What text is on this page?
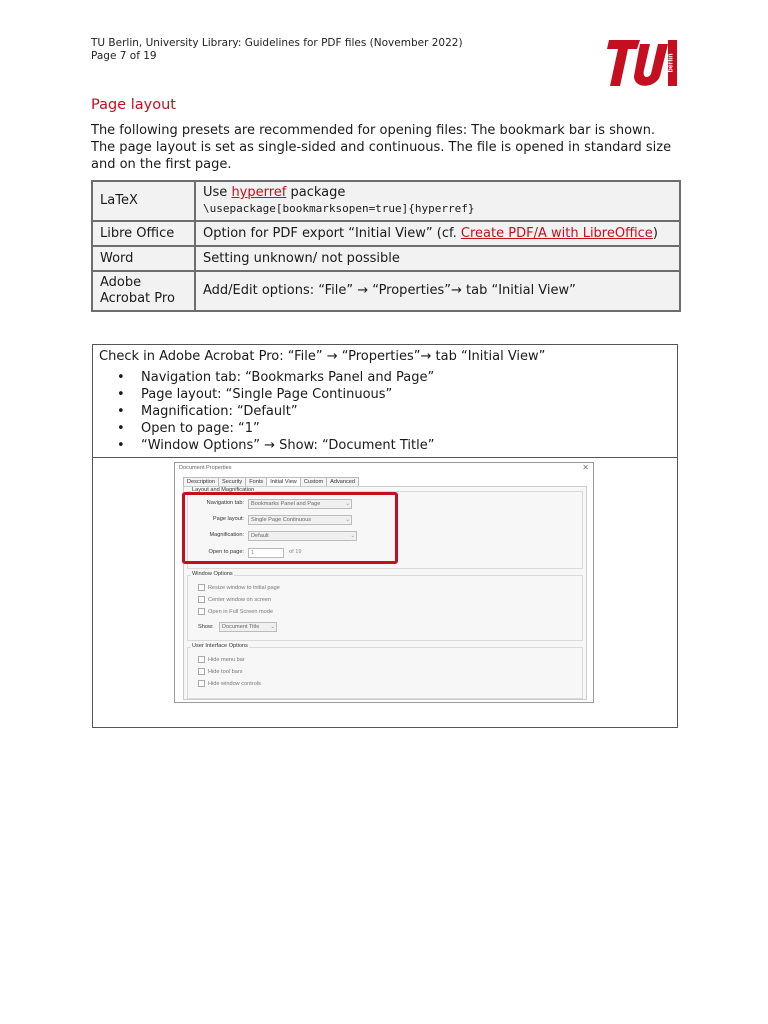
TU Berlin, University Library: Guidelines for PDF files (November 2022)
Page 7 of 19	berlin
Page layout
The following presets are recommended for opening files: The bookmark bar is shown. The page layout is set as single-sided and continuous. The file is opened in standard size and on the first page.
LaTeX	Use hyperref package
\usepackage[bookmarksopen=true]{hyperref}
Libre Office	Option for PDF export “Initial View” (cf. Create PDF/A with LibreOffice)
Word	Setting unknown/ not possible
Adobe
Acrobat Pro	Add/Edit options: “File” → “Properties”→ tab “Initial View”
Check in Adobe Acrobat Pro: “File” → “Properties”→ tab “Initial View”
• Navigation tab: “Bookmarks Panel and Page”
• Page layout: “Single Page Continuous”
• Magnification: “Default”
• Open to page: “1”
• “Window Options” → Show: “Document Title”
Document Properties	✕
Description	Security	Fonts	Initial View	Custom	Advanced
Layout and Magnification
Navigation tab:	Bookmarks Panel and Page	⌄
Page layout:	Single Page Continuous	⌄
Magnification:	Default	⌄
Open to page:	1	of 19
Window Options
Resize window to initial page
Center window on screen
Open in Full Screen mode
Show:	Document Title ⌄
User Interface Options
Hide menu bar
Hide tool bars
Hide window controls
